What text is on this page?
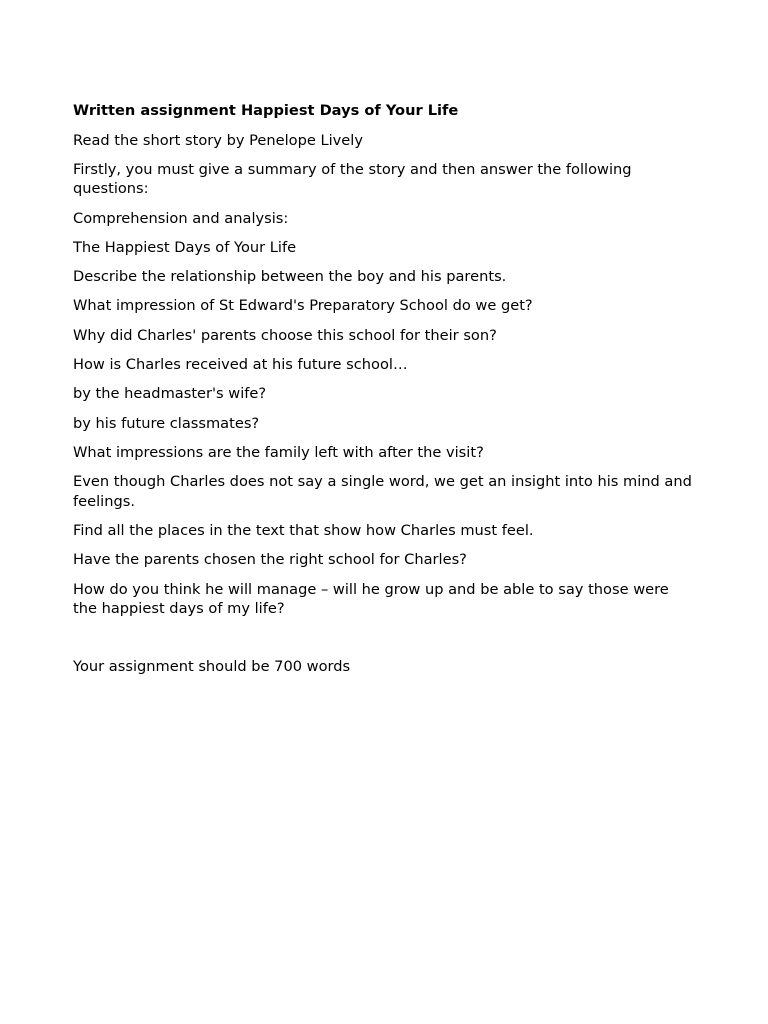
Written assignment Happiest Days of Your Life
Read the short story by Penelope Lively
Firstly, you must give a summary of the story and then answer the following questions:
Comprehension and analysis:
The Happiest Days of Your Life
Describe the relationship between the boy and his parents.
What impression of St Edward's Preparatory School do we get?
Why did Charles' parents choose this school for their son?
How is Charles received at his future school…
by the headmaster's wife?
by his future classmates?
What impressions are the family left with after the visit?
Even though Charles does not say a single word, we get an insight into his mind and feelings.
Find all the places in the text that show how Charles must feel.
Have the parents chosen the right school for Charles?
How do you think he will manage – will he grow up and be able to say those were the happiest days of my life?
Your assignment should be 700 words
